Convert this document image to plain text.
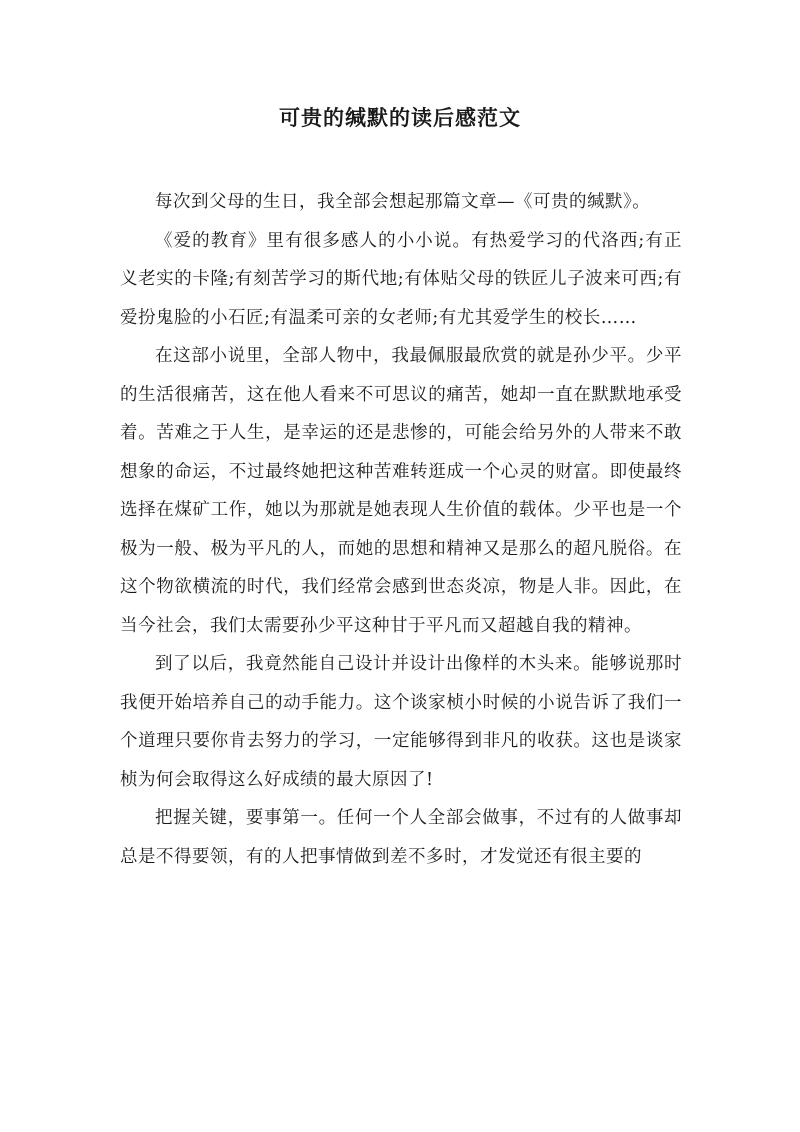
可贵的缄默的读后感范文

每次到父母的生日，我全部会想起那篇文章—《可贵的缄默》。

《爱的教育》里有很多感人的小小说。有热爱学习的代洛西;有正义老实的卡隆;有刻苦学习的斯代地;有体贴父母的铁匠儿子波来可西;有爱扮鬼脸的小石匠;有温柔可亲的女老师;有尤其爱学生的校长……

在这部小说里，全部人物中，我最佩服最欣赏的就是孙少平。少平的生活很痛苦，这在他人看来不可思议的痛苦，她却一直在默默地承受着。苦难之于人生，是幸运的还是悲惨的，可能会给另外的人带来不敢想象的命运，不过最终她把这种苦难转逛成一个心灵的财富。即使最终选择在煤矿工作，她以为那就是她表现人生价值的载体。少平也是一个极为一般、极为平凡的人，而她的思想和精神又是那么的超凡脱俗。在这个物欲横流的时代，我们经常会感到世态炎凉，物是人非。因此，在当今社会，我们太需要孙少平这种甘于平凡而又超越自我的精神。

到了以后，我竟然能自己设计并设计出像样的木头来。能够说那时我便开始培养自己的动手能力。这个谈家桢小时候的小说告诉了我们一个道理只要你肯去努力的学习，一定能够得到非凡的收获。这也是谈家桢为何会取得这么好成绩的最大原因了!

把握关键，要事第一。任何一个人全部会做事，不过有的人做事却总是不得要领，有的人把事情做到差不多时，才发觉还有很主要的
